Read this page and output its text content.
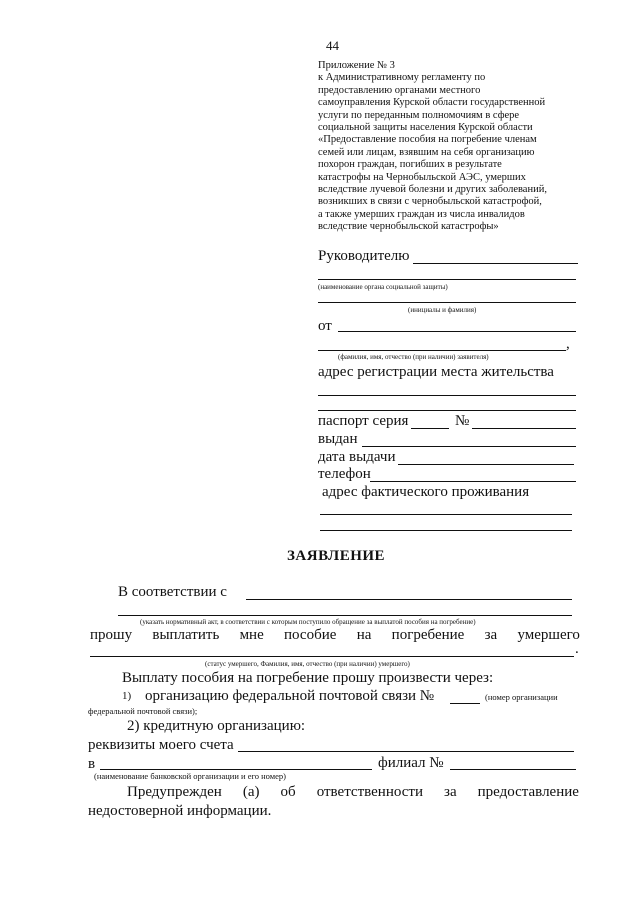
44
Приложение № 3
к Административному регламенту по
предоставлению органами местного
самоуправления Курской области государственной
услуги по переданным полномочиям в сфере
социальной защиты населения Курской области
«Предоставление пособия на погребение членам
семей или лицам, взявшим на себя организацию
похорон граждан, погибших в результате
катастрофы на Чернобыльской АЭС, умерших
вследствие лучевой болезни и других заболеваний,
возникших в связи с чернобыльской катастрофой,
а также умерших граждан из числа инвалидов
вследствие чернобыльской катастрофы»
Руководителю
(наименование органа социальной защиты)
(инициалы и фамилия)
от
,
(фамилия, имя, отчество (при наличии) заявителя)
адрес регистрации места жительства
паспорт серия	№
выдан
дата выдачи
телефон
адрес фактического проживания
ЗАЯВЛЕНИЕ
В соответствии с
(указать нормативный акт, в соответствии с которым поступило обращение за выплатой пособия на погребение)
прошу выплатить мне пособие на погребение за умершего
.
(статус умершего, Фамилия, имя, отчество (при наличии) умершего)
Выплату пособия на погребение прошу произвести через:
1) организацию федеральной почтовой связи №	(номер организации
федеральной почтовой связи);
2) кредитную организацию:
реквизиты моего счета
в	филиал №
(наименование банковской организации и его номер)
Предупрежден (а) об ответственности за предоставление
недостоверной информации.
